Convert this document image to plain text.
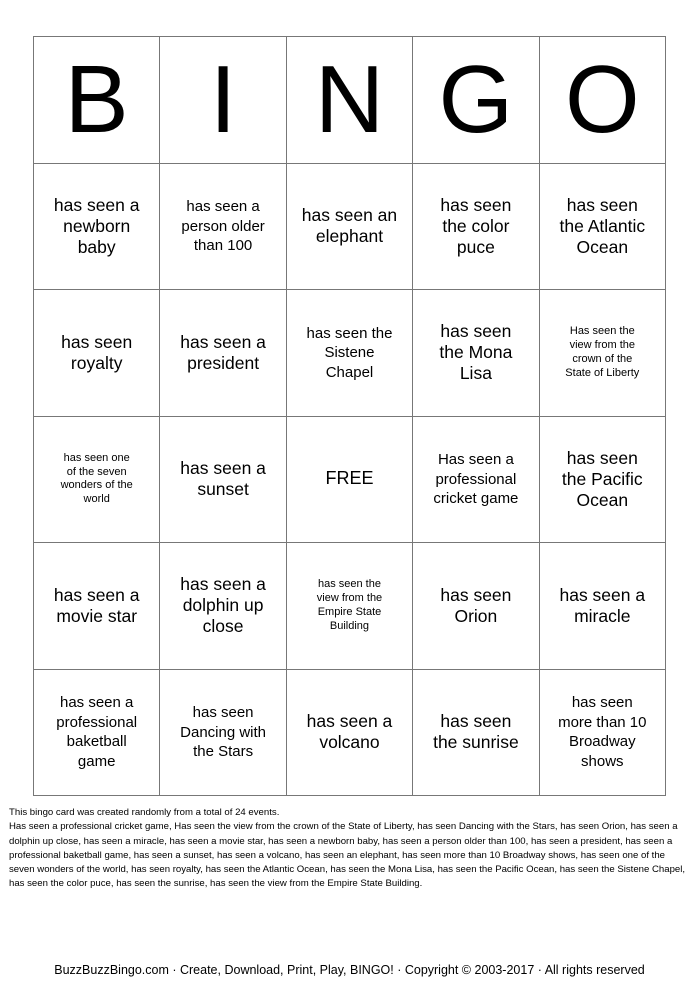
B I N G O
has seen a newborn baby
has seen a person older than 100
has seen an elephant
has seen the color puce
has seen the Atlantic Ocean
has seen royalty
has seen a president
has seen the Sistene Chapel
has seen the Mona Lisa
Has seen the view from the crown of the State of Liberty
has seen one of the seven wonders of the world
has seen a sunset
FREE
Has seen a professional cricket game
has seen the Pacific Ocean
has seen a movie star
has seen a dolphin up close
has seen the view from the Empire State Building
has seen Orion
has seen a miracle
has seen a professional baketball game
has seen Dancing with the Stars
has seen a volcano
has seen the sunrise
has seen more than 10 Broadway shows

This bingo card was created randomly from a total of 24 events.

Has seen a professional cricket game, Has seen the view from the crown of the State of Liberty, has seen Dancing with the Stars, has seen Orion, has seen a dolphin up close, has seen a miracle, has seen a movie star, has seen a newborn baby, has seen a person older than 100, has seen a president, has seen a professional baketball game, has seen a sunset, has seen a volcano, has seen an elephant, has seen more than 10 Broadway shows, has seen one of the seven wonders of the world, has seen royalty, has seen the Atlantic Ocean, has seen the Mona Lisa, has seen the Pacific Ocean, has seen the Sistene Chapel, has seen the color puce, has seen the sunrise, has seen the view from the Empire State Building.

BuzzBuzzBingo.com · Create, Download, Print, Play, BINGO! · Copyright © 2003-2017 · All rights reserved
